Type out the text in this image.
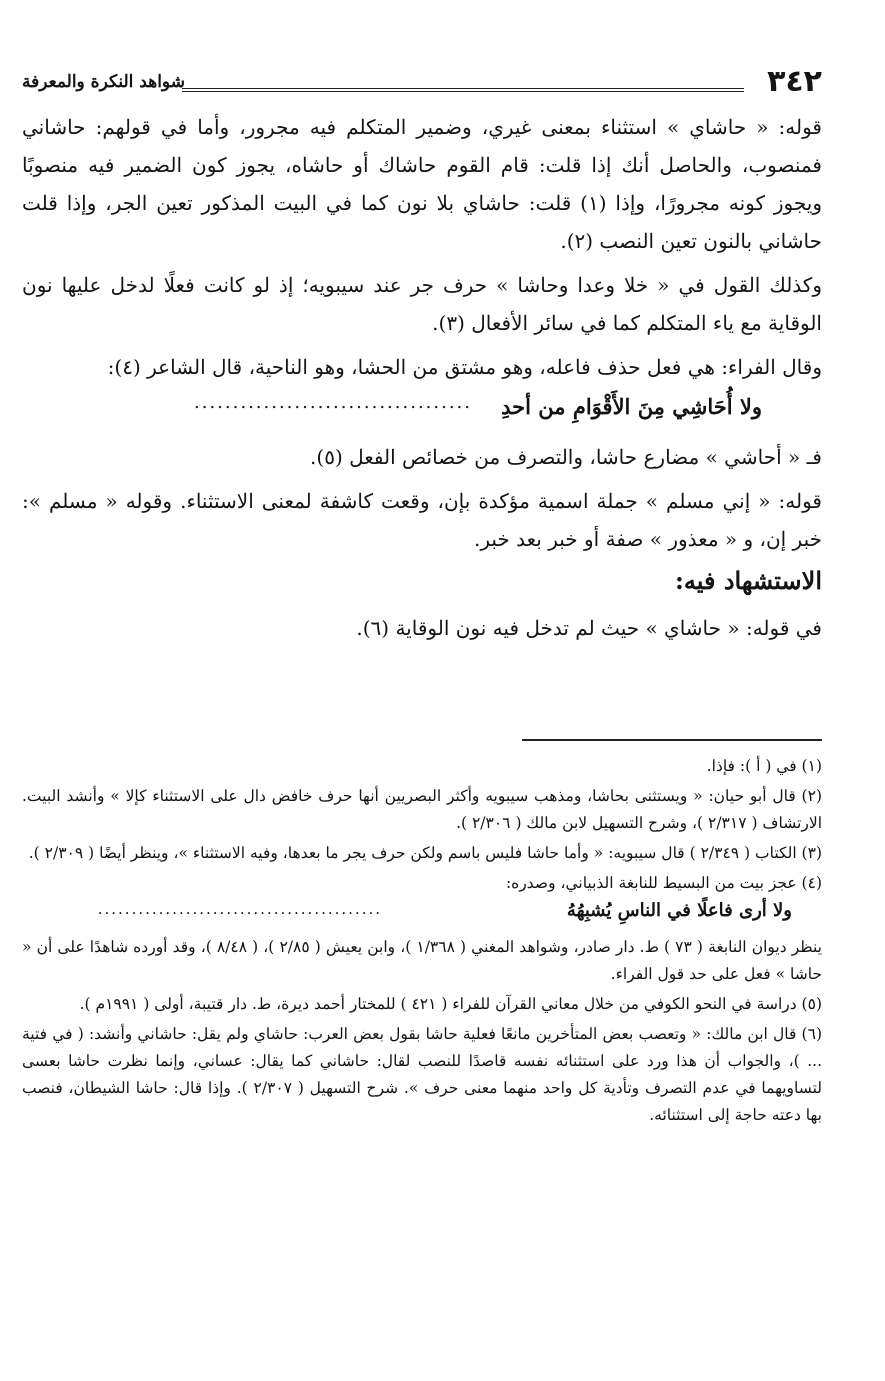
٣٤٢
شواهد النكرة والمعرفة

قوله: « حاشاي » استثناء بمعنى غيري، وضمير المتكلم فيه مجرور، وأما في قولهم: حاشاني فمنصوب، والحاصل أنك إذا قلت: قام القوم حاشاك أو حاشاه، يجوز كون الضمير فيه منصوبًا ويجوز كونه مجرورًا، وإذا (١) قلت: حاشاي بلا نون كما في البيت المذكور تعين الجر، وإذا قلت حاشاني بالنون تعين النصب (٢).

وكذلك القول في « خلا وعدا وحاشا » حرف جر عند سيبويه؛ إذ لو كانت فعلًا لدخل عليها نون الوقاية مع ياء المتكلم كما في سائر الأفعال (٣).

وقال الفراء: هي فعل حذف فاعله، وهو مشتق من الحشا، وهو الناحية، قال الشاعر (٤):

ولا أُحَاشِي مِنَ الأَقْوَامِ من أحدِ
....................................

فـ « أحاشي » مضارع حاشا، والتصرف من خصائص الفعل (٥).

قوله: « إني مسلم » جملة اسمية مؤكدة بإن، وقعت كاشفة لمعنى الاستثناء. وقوله « مسلم »: خبر إن، و « معذور » صفة أو خبر بعد خبر.

الاستشهاد فيه:

في قوله: « حاشاي » حيث لم تدخل فيه نون الوقاية (٦).

(١) في ( أ ): فإذا.

(٢) قال أبو حيان: « ويستثنى بحاشا، ومذهب سيبويه وأكثر البصريين أنها حرف خافض دال على الاستثناء كإلا » وأنشد البيت. الارتشاف ( ٢/٣١٧ )، وشرح التسهيل لابن مالك ( ٢/٣٠٦ ).

(٣) الكتاب ( ٢/٣٤٩ ) قال سيبويه: « وأما حاشا فليس باسم ولكن حرف يجر ما بعدها، وفيه الاستثناء »، وينظر أيضًا ( ٢/٣٠٩ ).

(٤) عجز بيت من البسيط للنابغة الذبياني، وصدره:

ولا أرى فاعلًا في الناسِ يُشبِهُهُ
..........................................

ينظر ديوان النابغة ( ٧٣ ) ط. دار صادر، وشواهد المغني ( ١/٣٦٨ )، وابن يعيش ( ٢/٨٥ )، ( ٨/٤٨ )، وقد أورده شاهدًا على أن « حاشا » فعل على حد قول الفراء.

(٥) دراسة في النحو الكوفي من خلال معاني القرآن للفراء ( ٤٢١ ) للمختار أحمد ديرة، ط. دار قتيبة، أولى ( ١٩٩١م ).

(٦) قال ابن مالك: « وتعصب بعض المتأخرين مانعًا فعلية حاشا بقول بعض العرب: حاشاي ولم يقل: حاشاني وأنشد: ( في فتية ... )، والجواب أن هذا ورد على استثنائه نفسه قاصدًا للنصب لقال: حاشاني كما يقال: عساني، وإنما نظرت حاشا بعسى لتساويهما في عدم التصرف وتأدية كل واحد منهما معنى حرف ». شرح التسهيل ( ٢/٣٠٧ ). وإذا قال: حاشا الشيطان، فنصب بها دعته حاجة إلى استثنائه.
